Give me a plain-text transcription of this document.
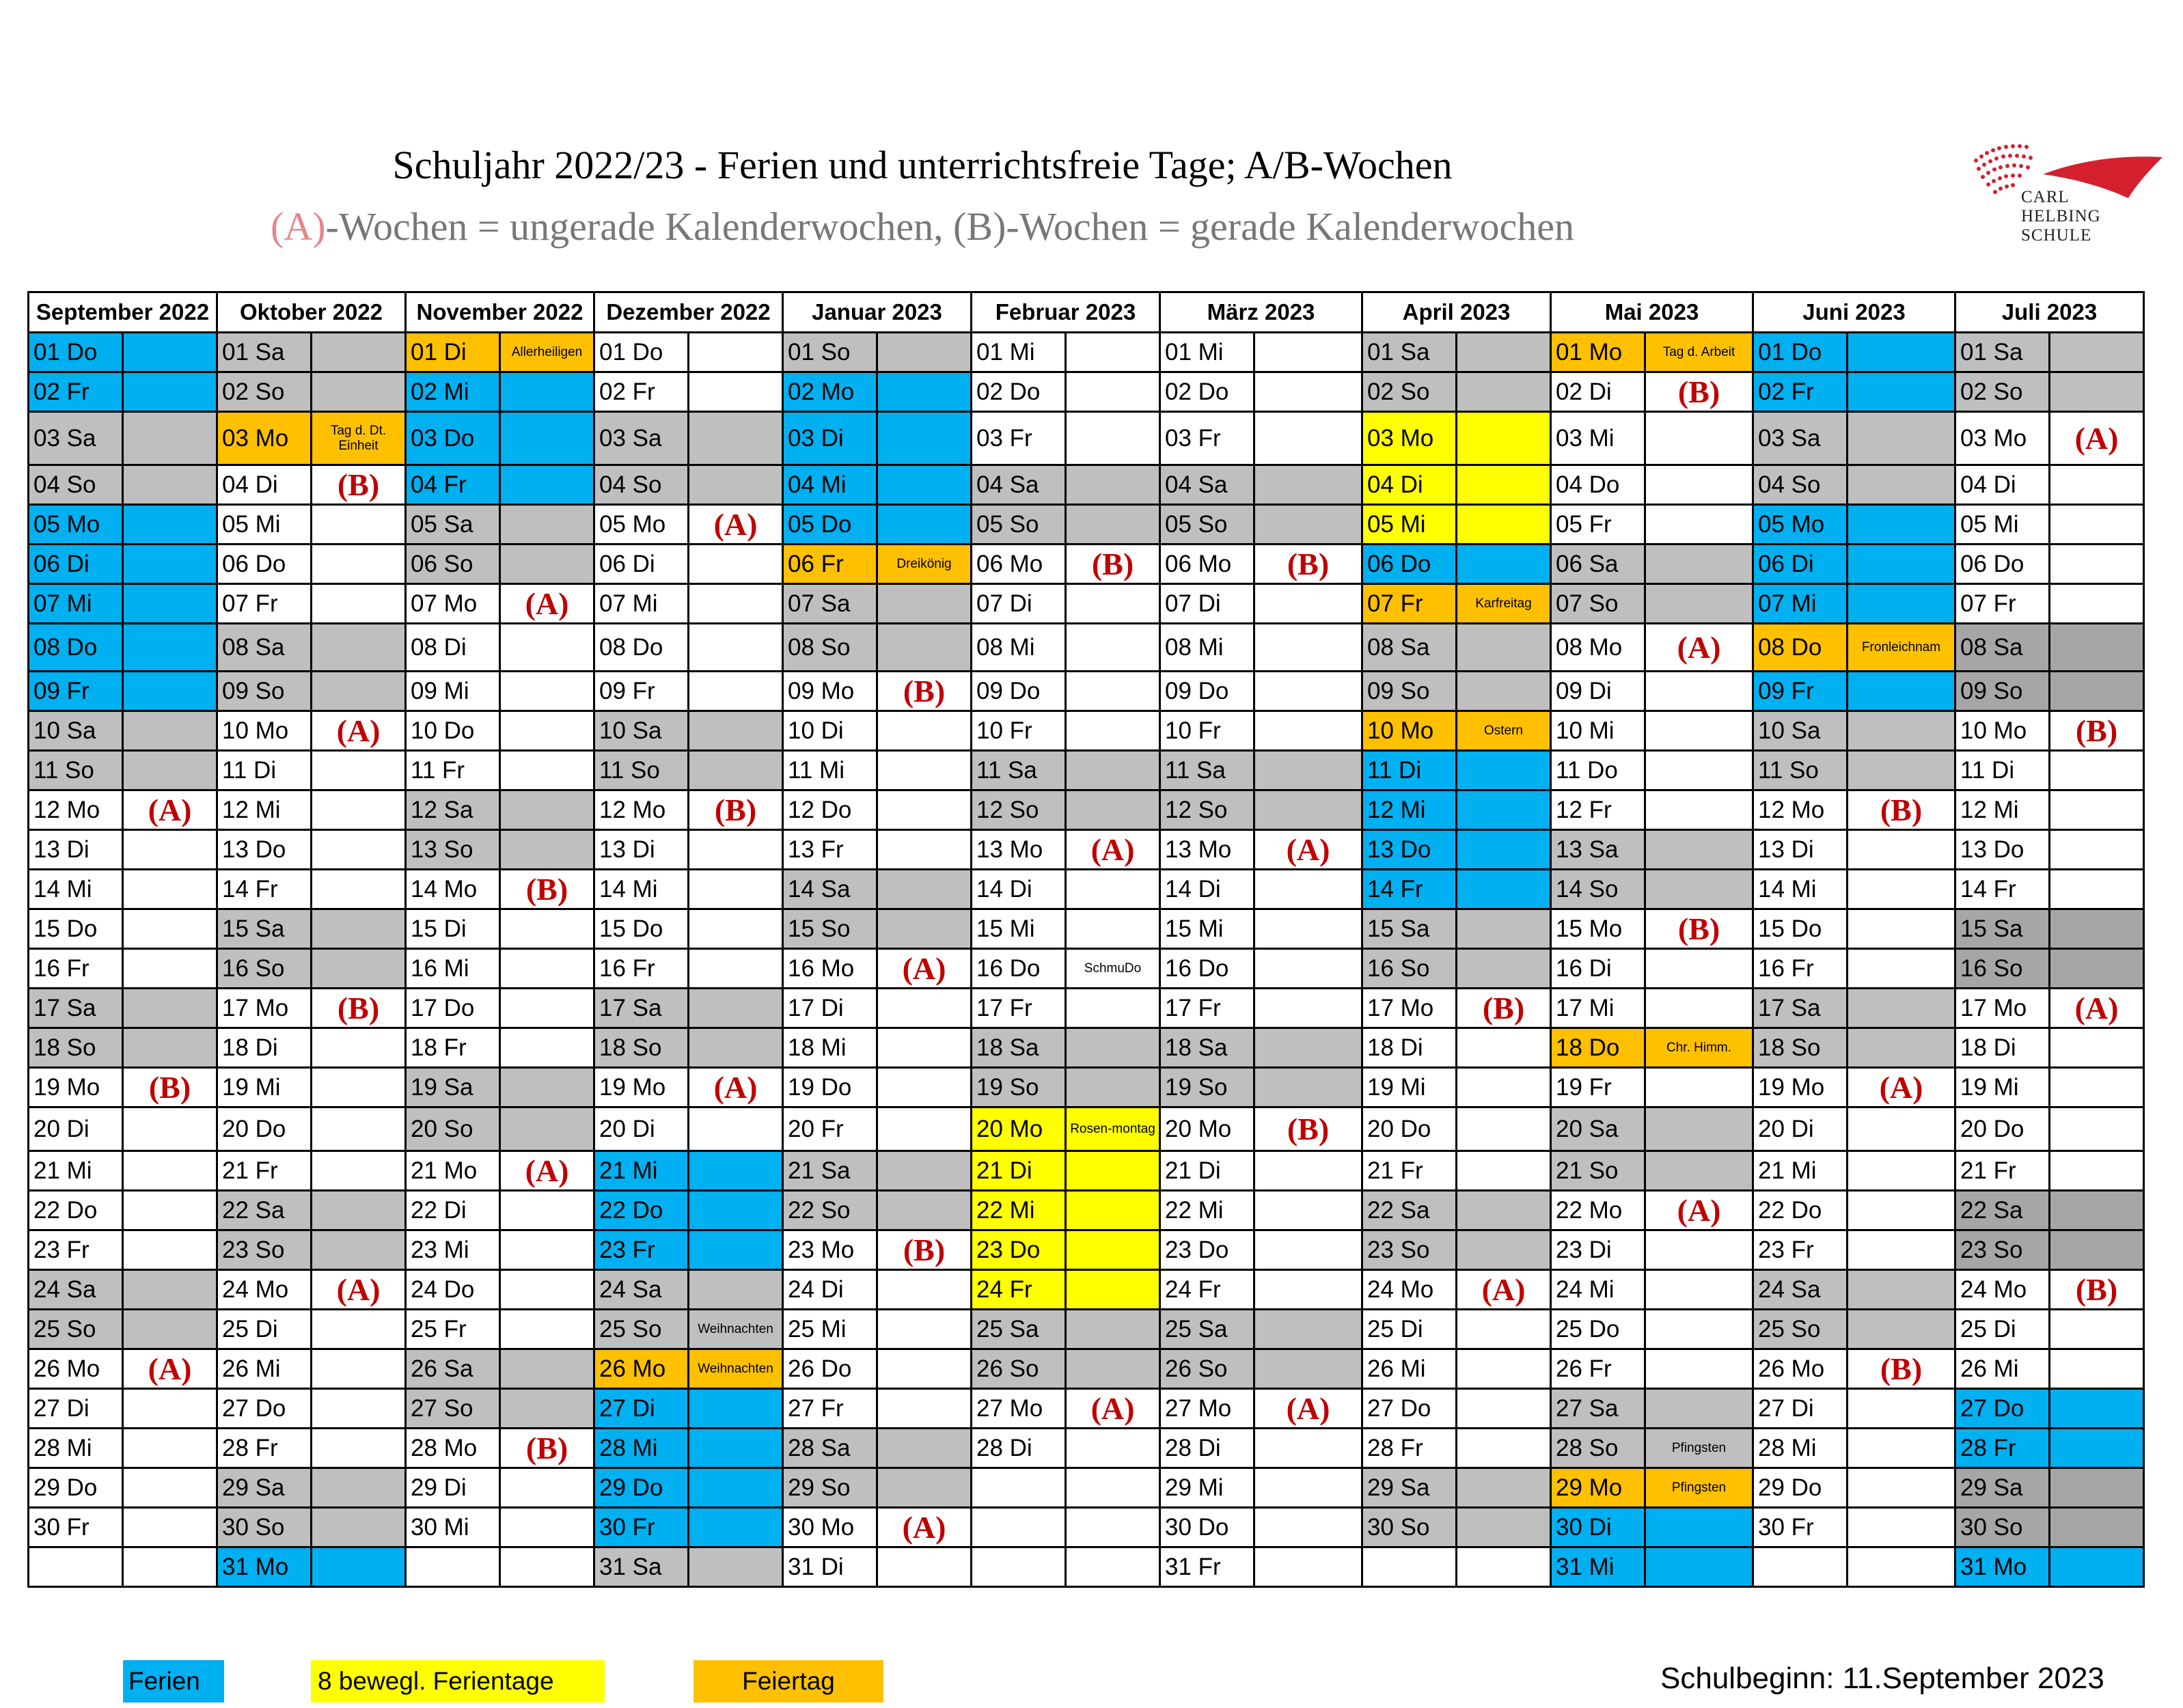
Schuljahr 2022/23 - Ferien und unterrichtsfreie Tage; A/B-Wochen
(A)-Wochen = ungerade Kalenderwochen, (B)-Wochen = gerade Kalenderwochen
CARL
HELBING
SCHULE
September 2022		Oktober 2022		November 2022		Dezember 2022		Januar 2023		Februar 2023		März 2023		April 2023		Mai 2023		Juni 2023		Juli 2023	
01 Do		01 Sa		01 Di	Allerheiligen	01 Do		01 So		01 Mi		01 Mi		01 Sa		01 Mo	Tag d. Arbeit	01 Do		01 Sa	
02 Fr		02 So		02 Mi		02 Fr		02 Mo		02 Do		02 Do		02 So		02 Di	(B)	02 Fr		02 So	
03 Sa		03 Mo	Tag d. Dt. Einheit	03 Do		03 Sa		03 Di		03 Fr		03 Fr		03 Mo		03 Mi		03 Sa		03 Mo	(A)
04 So		04 Di	(B)	04 Fr		04 So		04 Mi		04 Sa		04 Sa		04 Di		04 Do		04 So		04 Di	
05 Mo		05 Mi		05 Sa		05 Mo	(A)	05 Do		05 So		05 So		05 Mi		05 Fr		05 Mo		05 Mi	
06 Di		06 Do		06 So		06 Di		06 Fr	Dreikönig	06 Mo	(B)	06 Mo	(B)	06 Do		06 Sa		06 Di		06 Do	
07 Mi		07 Fr		07 Mo	(A)	07 Mi		07 Sa		07 Di		07 Di		07 Fr	Karfreitag	07 So		07 Mi		07 Fr	
08 Do		08 Sa		08 Di		08 Do		08 So		08 Mi		08 Mi		08 Sa		08 Mo	(A)	08 Do	Fronleichnam	08 Sa	
09 Fr		09 So		09 Mi		09 Fr		09 Mo	(B)	09 Do		09 Do		09 So		09 Di		09 Fr		09 So	
10 Sa		10 Mo	(A)	10 Do		10 Sa		10 Di		10 Fr		10 Fr		10 Mo	Ostern	10 Mi		10 Sa		10 Mo	(B)
11 So		11 Di		11 Fr		11 So		11 Mi		11 Sa		11 Sa		11 Di		11 Do		11 So		11 Di	
12 Mo	(A)	12 Mi		12 Sa		12 Mo	(B)	12 Do		12 So		12 So		12 Mi		12 Fr		12 Mo	(B)	12 Mi	
13 Di		13 Do		13 So		13 Di		13 Fr		13 Mo	(A)	13 Mo	(A)	13 Do		13 Sa		13 Di		13 Do	
14 Mi		14 Fr		14 Mo	(B)	14 Mi		14 Sa		14 Di		14 Di		14 Fr		14 So		14 Mi		14 Fr	
15 Do		15 Sa		15 Di		15 Do		15 So		15 Mi		15 Mi		15 Sa		15 Mo	(B)	15 Do		15 Sa	
16 Fr		16 So		16 Mi		16 Fr		16 Mo	(A)	16 Do	SchmuDo	16 Do		16 So		16 Di		16 Fr		16 So	
17 Sa		17 Mo	(B)	17 Do		17 Sa		17 Di		17 Fr		17 Fr		17 Mo	(B)	17 Mi		17 Sa		17 Mo	(A)
18 So		18 Di		18 Fr		18 So		18 Mi		18 Sa		18 Sa		18 Di		18 Do	Chr. Himm.	18 So		18 Di	
19 Mo	(B)	19 Mi		19 Sa		19 Mo	(A)	19 Do		19 So		19 So		19 Mi		19 Fr		19 Mo	(A)	19 Mi	
20 Di		20 Do		20 So		20 Di		20 Fr		20 Mo	Rosen-montag	20 Mo	(B)	20 Do		20 Sa		20 Di		20 Do	
21 Mi		21 Fr		21 Mo	(A)	21 Mi		21 Sa		21 Di		21 Di		21 Fr		21 So		21 Mi		21 Fr	
22 Do		22 Sa		22 Di		22 Do		22 So		22 Mi		22 Mi		22 Sa		22 Mo	(A)	22 Do		22 Sa	
23 Fr		23 So		23 Mi		23 Fr		23 Mo	(B)	23 Do		23 Do		23 So		23 Di		23 Fr		23 So	
24 Sa		24 Mo	(A)	24 Do		24 Sa		24 Di		24 Fr		24 Fr		24 Mo	(A)	24 Mi		24 Sa		24 Mo	(B)
25 So		25 Di		25 Fr		25 So	Weihnachten	25 Mi		25 Sa		25 Sa		25 Di		25 Do		25 So		25 Di	
26 Mo	(A)	26 Mi		26 Sa		26 Mo	Weihnachten	26 Do		26 So		26 So		26 Mi		26 Fr		26 Mo	(B)	26 Mi	
27 Di		27 Do		27 So		27 Di		27 Fr		27 Mo	(A)	27 Mo	(A)	27 Do		27 Sa		27 Di		27 Do	
28 Mi		28 Fr		28 Mo	(B)	28 Mi		28 Sa		28 Di		28 Di		28 Fr		28 So	Pfingsten	28 Mi		28 Fr	
29 Do		29 Sa		29 Di		29 Do		29 So				29 Mi		29 Sa		29 Mo	Pfingsten	29 Do		29 Sa	
30 Fr		30 So		30 Mi		30 Fr		30 Mo	(A)			30 Do		30 So		30 Di		30 Fr		30 So	
		31 Mo				31 Sa		31 Di				31 Fr				31 Mi				31 Mo	
Ferien	8 bewegl. Ferientage	Feiertag	Schulbeginn: 11.September 2023
